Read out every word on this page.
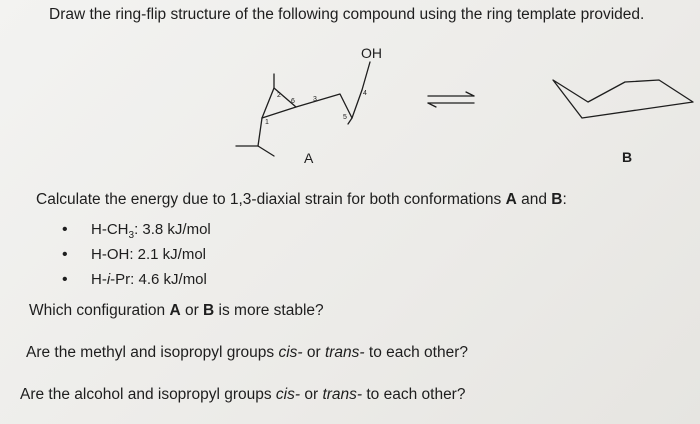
Draw the ring-flip structure of the following compound using the ring template provided.
2
6	3
1
5
4
OH
A	B
Calculate the energy due to 1,3-diaxial strain for both conformations A and B:
• $H-CH_3$: 3.8 kJ/mol
• H-OH: 2.1 kJ/mol
• H-i-Pr: 4.6 kJ/mol
Which configuration A or B is more stable?
Are the methyl and isopropyl groups cis- or trans- to each other?
Are the alcohol and isopropyl groups cis- or trans- to each other?
